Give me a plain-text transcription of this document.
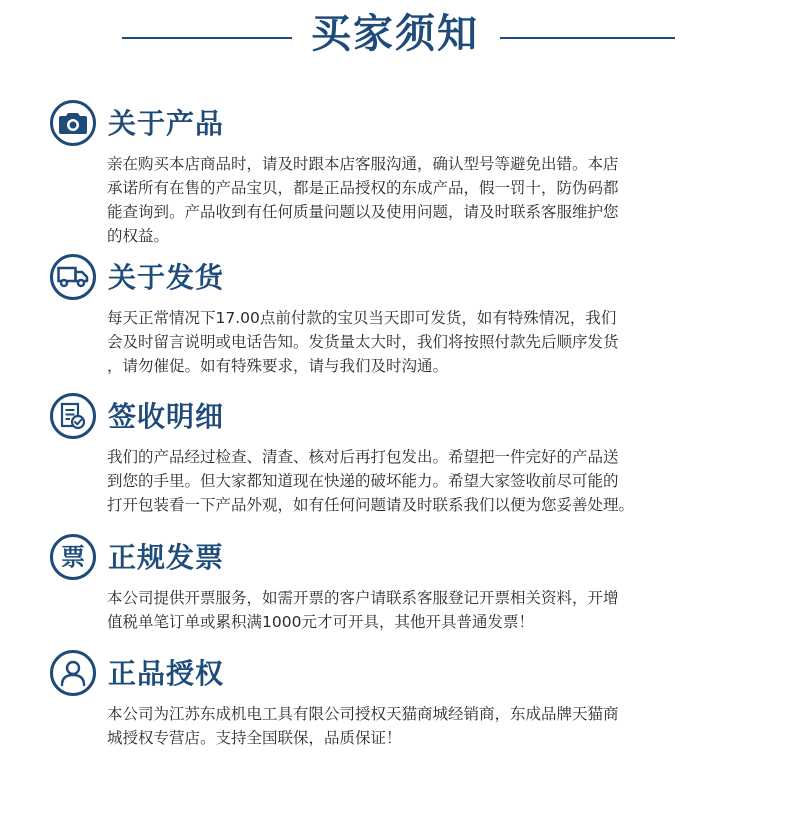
买家须知
关于产品
亲在购买本店商品时，请及时跟本店客服沟通，确认型号等避免出错。本店
承诺所有在售的产品宝贝，都是正品授权的东成产品，假一罚十，防伪码都
能查询到。产品收到有任何质量问题以及使用问题，请及时联系客服维护您
的权益。
关于发货
每天正常情况下17.00点前付款的宝贝当天即可发货，如有特殊情况，我们
会及时留言说明或电话告知。发货量太大时，我们将按照付款先后顺序发货
，请勿催促。如有特殊要求，请与我们及时沟通。
签收明细
我们的产品经过检查、清查、核对后再打包发出。希望把一件完好的产品送
到您的手里。但大家都知道现在快递的破坏能力。希望大家签收前尽可能的
打开包装看一下产品外观，如有任何问题请及时联系我们以便为您妥善处理。
票 正规发票
本公司提供开票服务，如需开票的客户请联系客服登记开票相关资料，开增
值税单笔订单或累积满1000元才可开具，其他开具普通发票！
正品授权
本公司为江苏东成机电工具有限公司授权天猫商城经销商，东成品牌天猫商
城授权专营店。支持全国联保，品质保证！
